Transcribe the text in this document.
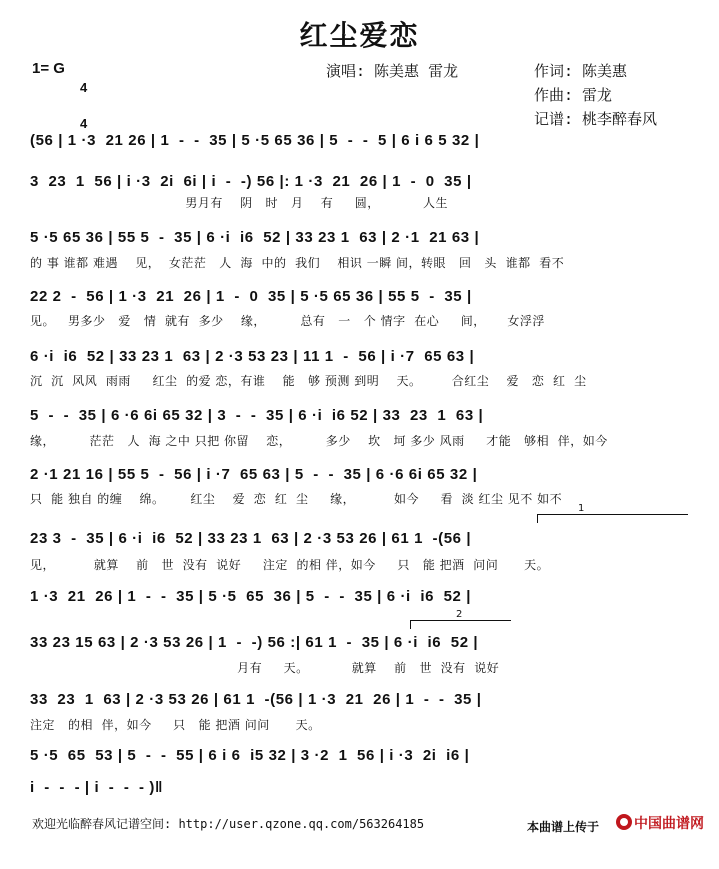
红尘爱恋
1= G

4

4

演唱: 陈美惠 雷龙	作词: 陈美惠
作曲: 雷龙
记谱: 桃李醉春风
(56 | 1 ·3  21 26 | 1  -  -  35 | 5 ·5 65 36 | 5  -  -  5 | 6 i 6 5 32 |
3  23  1  56 | i ·3  2i  6i | i  -  -) 56 |: 1 ·3  21  26 | 1  -  0  35 |
男月有    阴   时   月    有     圆，          人生
5 ·5 65 36 | 55 5  -  35 | 6 ·i  i6  52 | 33 23 1  63 | 2 ·1  21 63 |
的 事 谁都 难遇    见，  女茫茫   人  海  中的  我们    相识 一瞬 间，转眼   回   头  谁都  看不
22 2  -  56 | 1 ·3  21  26 | 1  -  0  35 | 5 ·5 65 36 | 55 5  -  35 |
见。   男多少   爱   情  就有  多少    缘，        总有   一   个 情字  在心     间，     女浮浮
6 ·i  i6  52 | 33 23 1  63 | 2 ·3 53 23 | 11 1  -  56 | i ·7  65 63 |
沉  沉  风风  雨雨     红尘  的爱 恋，有谁    能   够 预测 到明    天。       合红尘    爱   恋  红  尘
5  -  -  35 | 6 ·6 6i 65 32 | 3  -  -  35 | 6 ·i  i6 52 | 33  23  1  63 |
缘，        茫茫   人  海 之中 只把 你留    恋，        多少    坎   坷 多少 风雨     才能   够相  伴，如今
2 ·1 21 16 | 55 5  -  56 | i ·7  65 63 | 5  -  -  35 | 6 ·6 6i 65 32 |
只  能 独自 的缠    绵。      红尘    爱  恋  红  尘     缘，         如今     看  淡 红尘 见不 如不
1
23 3  -  35 | 6 ·i  i6  52 | 33 23 1  63 | 2 ·3 53 26 | 61 1  -(56 |
见，         就算    前   世  没有  说好     注定  的相 伴，如今     只   能 把酒  问问      天。
1 ·3  21  26 | 1  -  -  35 | 5 ·5  65  36 | 5  -  -  35 | 6 ·i  i6  52 |
2
33 23 15 63 | 2 ·3 53 26 | 1  -  -) 56 :| 61 1  -  35 | 6 ·i  i6  52 |
月有     天。          就算    前   世  没有  说好
33  23  1  63 | 2 ·3 53 26 | 61 1  -(56 | 1 ·3  21  26 | 1  -  -  35 |
注定   的相  伴，如今     只   能 把酒 问问      天。
5 ·5  65  53 | 5  -  -  55 | 6 i 6  i5 32 | 3 ·2  1  56 | i ·3  2i  i6 |
i  -  -  - | i  -  -  - )‖
欢迎光临醉春风记谱空间: http://user.qzone.qq.com/563264185	本曲谱上传于

中国曲谱网
